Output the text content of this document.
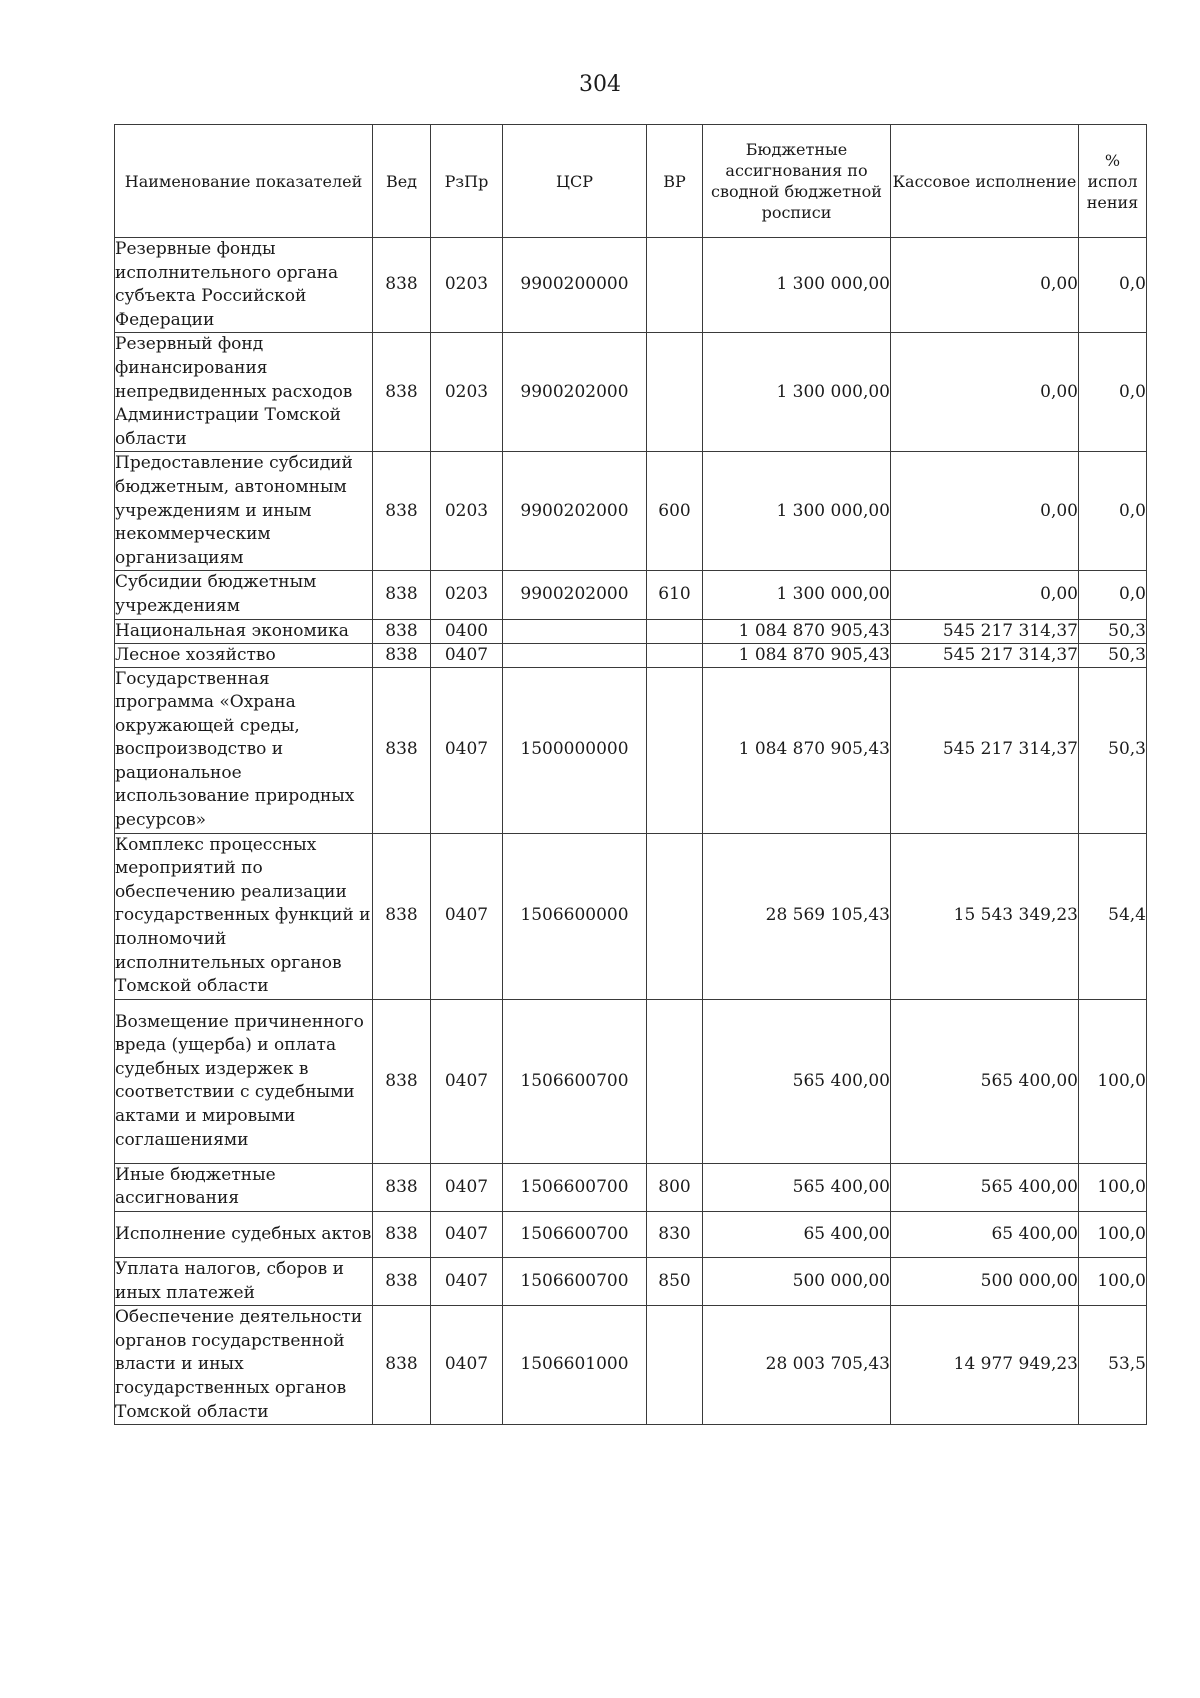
304
Наименование показателей	Вед	РзПр	ЦСР	ВР	Бюджетные ассигнования по сводной бюджетной росписи	Кассовое исполнение	% испол нения
Резервные фонды исполнительного органа субъекта Российской Федерации	838	0203	9900200000		1 300 000,00	0,00	0,0
Резервный фонд финансирования непредвиденных расходов Администрации Томской области	838	0203	9900202000		1 300 000,00	0,00	0,0
Предоставление субсидий бюджетным, автономным учреждениям и иным некоммерческим организациям	838	0203	9900202000	600	1 300 000,00	0,00	0,0
Субсидии бюджетным учреждениям	838	0203	9900202000	610	1 300 000,00	0,00	0,0
Национальная экономика	838	0400			1 084 870 905,43	545 217 314,37	50,3
Лесное хозяйство	838	0407			1 084 870 905,43	545 217 314,37	50,3
Государственная программа «Охрана окружающей среды, воспроизводство и рациональное использование природных ресурсов»	838	0407	1500000000		1 084 870 905,43	545 217 314,37	50,3
Комплекс процессных мероприятий по обеспечению реализации государственных функций и полномочий исполнительных органов Томской области	838	0407	1506600000		28 569 105,43	15 543 349,23	54,4
Возмещение причиненного вреда (ущерба) и оплата судебных издержек в соответствии с судебными актами и мировыми соглашениями	838	0407	1506600700		565 400,00	565 400,00	100,0
Иные бюджетные ассигнования	838	0407	1506600700	800	565 400,00	565 400,00	100,0
Исполнение судебных актов	838	0407	1506600700	830	65 400,00	65 400,00	100,0
Уплата налогов, сборов и иных платежей	838	0407	1506600700	850	500 000,00	500 000,00	100,0
Обеспечение деятельности органов государственной власти и иных государственных органов Томской области	838	0407	1506601000		28 003 705,43	14 977 949,23	53,5
